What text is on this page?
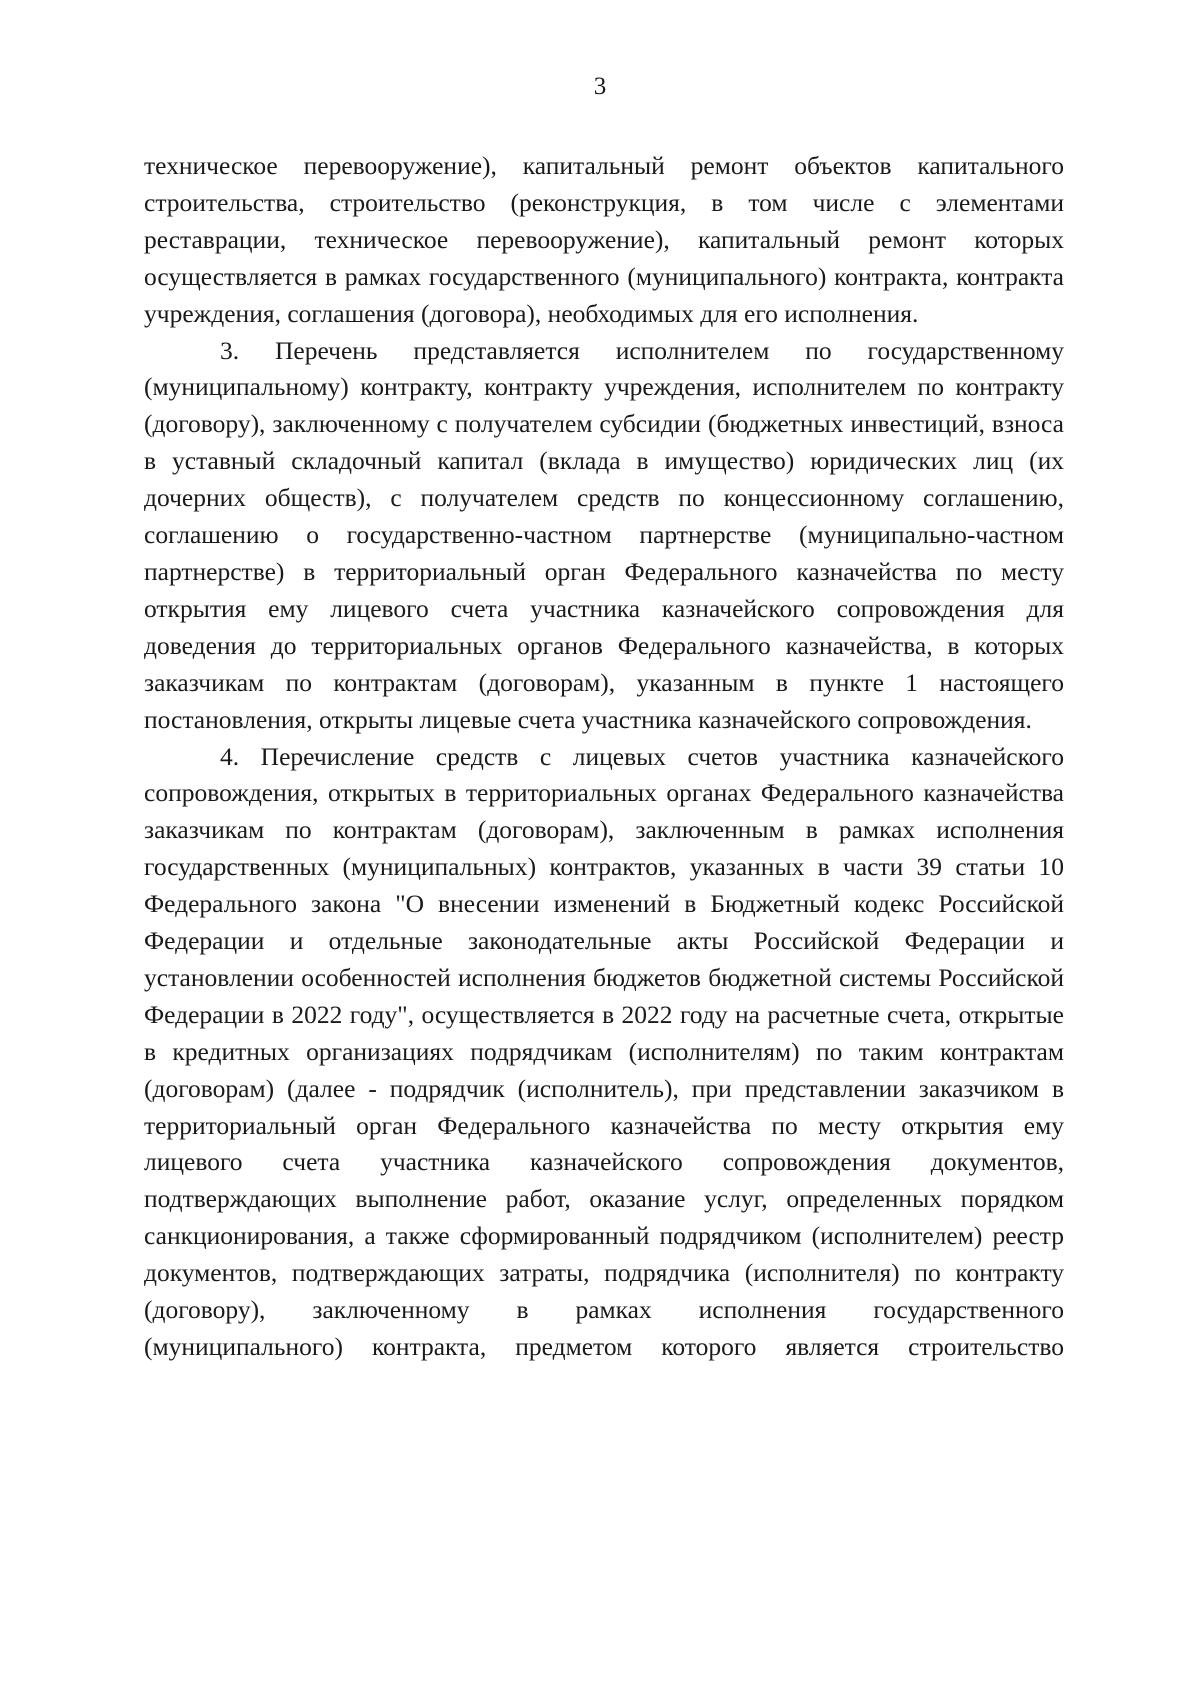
3

техническое перевооружение), капитальный ремонт объектов капитального строительства, строительство (реконструкция, в том числе с элементами реставрации, техническое перевооружение), капитальный ремонт которых осуществляется в рамках государственного (муниципального) контракта, контракта учреждения, соглашения (договора), необходимых для его исполнения.

3. Перечень представляется исполнителем по государственному (муниципальному) контракту, контракту учреждения, исполнителем по контракту (договору), заключенному с получателем субсидии (бюджетных инвестиций, взноса в уставный складочный капитал (вклада в имущество) юридических лиц (их дочерних обществ), с получателем средств по концессионному соглашению, соглашению о государственно-частном партнерстве (муниципально-частном партнерстве) в территориальный орган Федерального казначейства по месту открытия ему лицевого счета участника казначейского сопровождения для доведения до территориальных органов Федерального казначейства, в которых заказчикам по контрактам (договорам), указанным в пункте 1 настоящего постановления, открыты лицевые счета участника казначейского сопровождения.

4. Перечисление средств с лицевых счетов участника казначейского сопровождения, открытых в территориальных органах Федерального казначейства заказчикам по контрактам (договорам), заключенным в рамках исполнения государственных (муниципальных) контрактов, указанных в части 39 статьи 10 Федерального закона "О внесении изменений в Бюджетный кодекс Российской Федерации и отдельные законодательные акты Российской Федерации и установлении особенностей исполнения бюджетов бюджетной системы Российской Федерации в 2022 году", осуществляется в 2022 году на расчетные счета, открытые в кредитных организациях подрядчикам (исполнителям) по таким контрактам (договорам) (далее - подрядчик (исполнитель), при представлении заказчиком в территориальный орган Федерального казначейства по месту открытия ему лицевого счета участника казначейского сопровождения документов, подтверждающих выполнение работ, оказание услуг, определенных порядком санкционирования, а также сформированный подрядчиком (исполнителем) реестр документов, подтверждающих затраты, подрядчика (исполнителя) по контракту (договору), заключенному в рамках исполнения государственного (муниципального) контракта, предметом которого является строительство
